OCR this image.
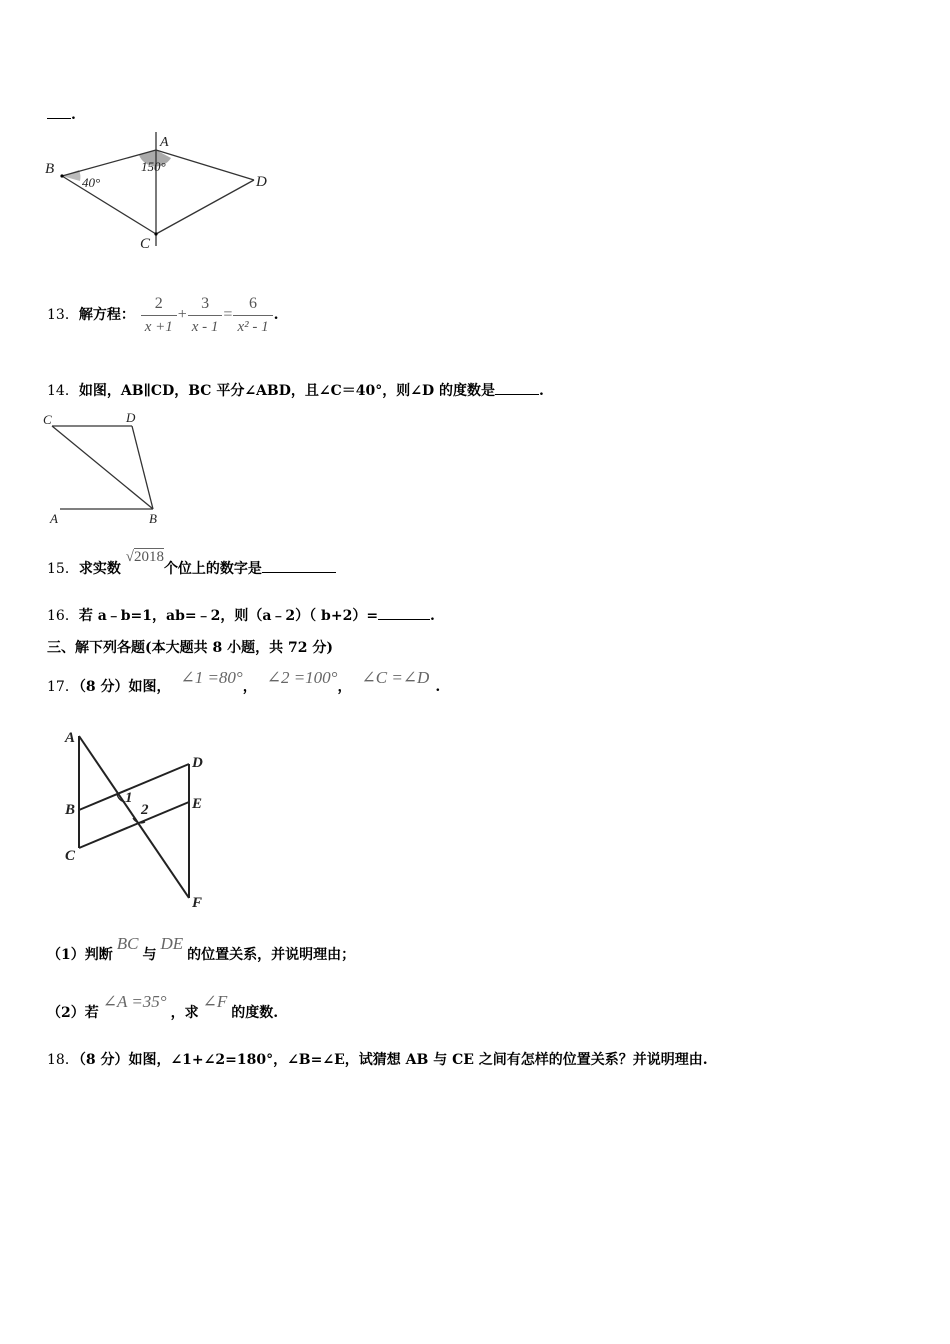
.
B
A
D
C
40°
150°
13．解方程： $\frac{2}{x +1} + \frac{3}{x - 1} = \frac{6}{\text{x² - 1}}$ .
14．如图，AB∥CD，BC 平分∠ABD，且∠C＝40°，则∠D 的度数是	.
C	D
A	B
15．求实数 √2018个位上的数字是
16．若 a﹣b=1，ab=﹣2，则（a﹣2）（ b+2）=	.
三、解下列各题(本大题共 8 小题，共 72 分)
17．（8 分）如图， ∠1 =80°， ∠2 =100°， ∠C =∠D .
A
B
C
D
E
F
1
2
（1）判断BC与DE的位置关系，并说明理由；
（2）若∠A =35°，求∠F的度数.
18．（8 分）如图，∠1+∠2=180°，∠B=∠E，试猜想 AB 与 CE 之间有怎样的位置关系？并说明理由.
